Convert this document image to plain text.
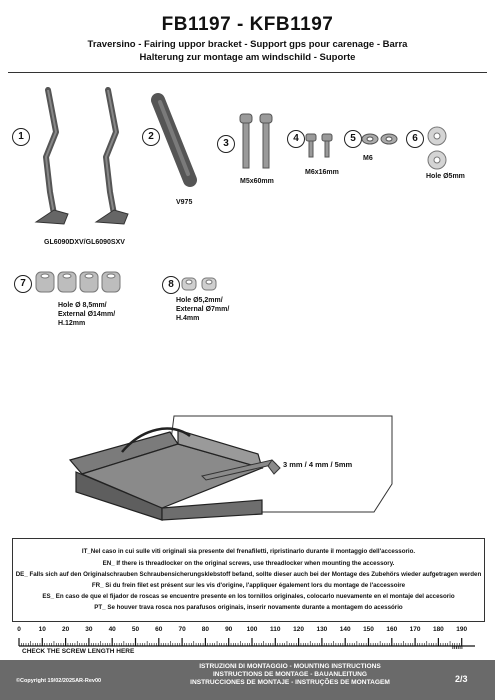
FB1197 - KFB1197
Traversino - Fairing uppor bracket - Support gps pour carenage - Barra
Halterung zur montage am windschild - Suporte
1
GL6090DXV/GL6090SXV
2
V975
3
M5x60mm
4
M6x16mm
5
M6
6
Hole Ø5mm
7
Hole Ø 8,5mm/
External Ø14mm/
H.12mm
8
Hole Ø5,2mm/
External Ø7mm/
H.4mm
3 mm / 4 mm / 5mm
IT_Nel caso in cui sulle viti originali sia presente del frenafiletti, ripristinarlo durante il montaggio dell'accessorio.
EN_ If there is threadlocker on the original screws, use threadlocker when mounting the accessory.
DE_ Falls sich auf den Originalschrauben Schraubensicherungsklebstoff befand, sollte dieser auch bei der Montage des Zubehörs wieder aufgetragen werden
FR_ Si du frein filet est présent sur les vis d'origine, l'appliquer également lors du montage de l'accessoire
ES_ En caso de que el fijador de roscas se encuentre presente en los tornillos originales, colocarlo nuevamente en el montaje del accesorio
PT_ Se houver trava rosca nos parafusos originais, inserir novamente durante a montagem do acessório
0	10	20	30	40	50	60	70	80	90	100	110	120	130	140	150	160	170	180	190
mm
CHECK THE SCREW LENGTH HERE
ISTRUZIONI DI MONTAGGIO - MOUNTING INSTRUCTIONS
INSTRUCTIONS DE MONTAGE - BAUANLEITUNG
INSTRUCCIONES DE MONTAJE - INSTRUÇÕES DE MONTAGEM
©Copyright 19/02/2025AR-Rev00	2/3
